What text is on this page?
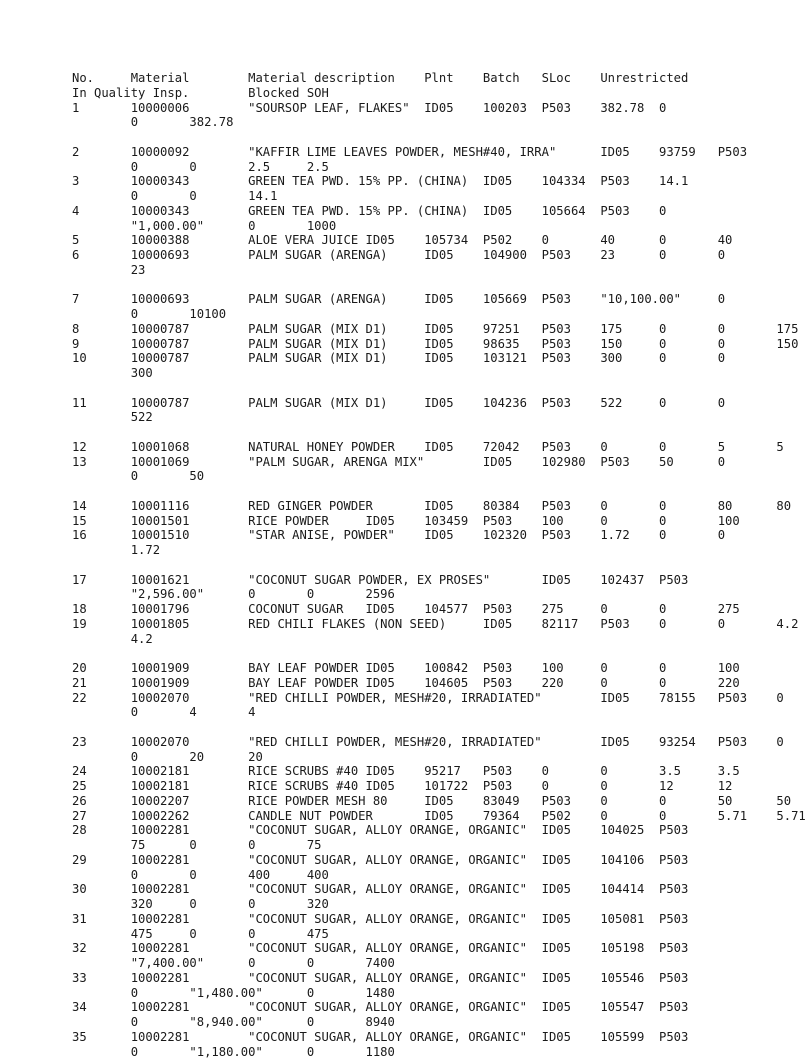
No.	Material	Material description	Plnt	Batch	SLoc	Unrestricted
In Quality Insp.	Blocked	SOH
1	10000006	"SOURSOP LEAF, FLAKES"	ID05	100203	P503	382.78	0
	0	382.78
2	10000092	"KAFFIR LIME LEAVES POWDER, MESH#40, IRRA"	ID05	93759	P503
	0	0	2.5	2.5
3	10000343	GREEN TEA PWD. 15% PP. (CHINA)	ID05	104334	P503	14.1
	0	0	14.1
4	10000343	GREEN TEA PWD. 15% PP. (CHINA)	ID05	105664	P503	0
	"1,000.00"	0	1000
5	10000388	ALOE VERA JUICE	ID05	105734	P502	0	40	0	40
6	10000693	PALM SUGAR (ARENGA)	ID05	104900	P503	23	0	0
	23
7	10000693	PALM SUGAR (ARENGA)	ID05	105669	P503	"10,100.00"	0
	0	10100
8	10000787	PALM SUGAR (MIX D1)	ID05	97251	P503	175	0	0	175
9	10000787	PALM SUGAR (MIX D1)	ID05	98635	P503	150	0	0	150
10	10000787	PALM SUGAR (MIX D1)	ID05	103121	P503	300	0	0
	300
11	10000787	PALM SUGAR (MIX D1)	ID05	104236	P503	522	0	0
	522
12	10001068	NATURAL HONEY POWDER	ID05	72042	P503	0	0	5	5
13	10001069	"PALM SUGAR, ARENGA MIX"	ID05	102980	P503	50	0
	0	50
14	10001116	RED GINGER POWDER	ID05	80384	P503	0	0	80	80
15	10001501	RICE POWDER	ID05	103459	P503	100	0	0	100
16	10001510	"STAR ANISE, POWDER"	ID05	102320	P503	1.72	0	0
	1.72
17	10001621	"COCONUT SUGAR POWDER, EX PROSES"	ID05	102437	P503
	"2,596.00"	0	0	2596
18	10001796	COCONUT SUGAR	ID05	104577	P503	275	0	0	275
19	10001805	RED CHILI FLAKES (NON SEED)	ID05	82117	P503	0	0	4.2
	4.2
20	10001909	BAY LEAF POWDER	ID05	100842	P503	100	0	0	100
21	10001909	BAY LEAF POWDER	ID05	104605	P503	220	0	0	220
22	10002070	"RED CHILLI POWDER, MESH#20, IRRADIATED"	ID05	78155	P503	0
	0	4	4
23	10002070	"RED CHILLI POWDER, MESH#20, IRRADIATED"	ID05	93254	P503	0
	0	20	20
24	10002181	RICE SCRUBS #40	ID05	95217	P503	0	0	3.5	3.5
25	10002181	RICE SCRUBS #40	ID05	101722	P503	0	0	12	12
26	10002207	RICE POWDER MESH 80	ID05	83049	P503	0	0	50	50
27	10002262	CANDLE NUT POWDER	ID05	79364	P502	0	0	5.71	5.71
28	10002281	"COCONUT SUGAR, ALLOY ORANGE, ORGANIC"	ID05	104025	P503
	75	0	0	75
29	10002281	"COCONUT SUGAR, ALLOY ORANGE, ORGANIC"	ID05	104106	P503
	0	0	400	400
30	10002281	"COCONUT SUGAR, ALLOY ORANGE, ORGANIC"	ID05	104414	P503
	320	0	0	320
31	10002281	"COCONUT SUGAR, ALLOY ORANGE, ORGANIC"	ID05	105081	P503
	475	0	0	475
32	10002281	"COCONUT SUGAR, ALLOY ORANGE, ORGANIC"	ID05	105198	P503
	"7,400.00"	0	0	7400
33	10002281	"COCONUT SUGAR, ALLOY ORANGE, ORGANIC"	ID05	105546	P503
	0	"1,480.00"	0	1480
34	10002281	"COCONUT SUGAR, ALLOY ORANGE, ORGANIC"	ID05	105547	P503
	0	"8,940.00"	0	8940
35	10002281	"COCONUT SUGAR, ALLOY ORANGE, ORGANIC"	ID05	105599	P503
	0	"1,180.00"	0	1180
